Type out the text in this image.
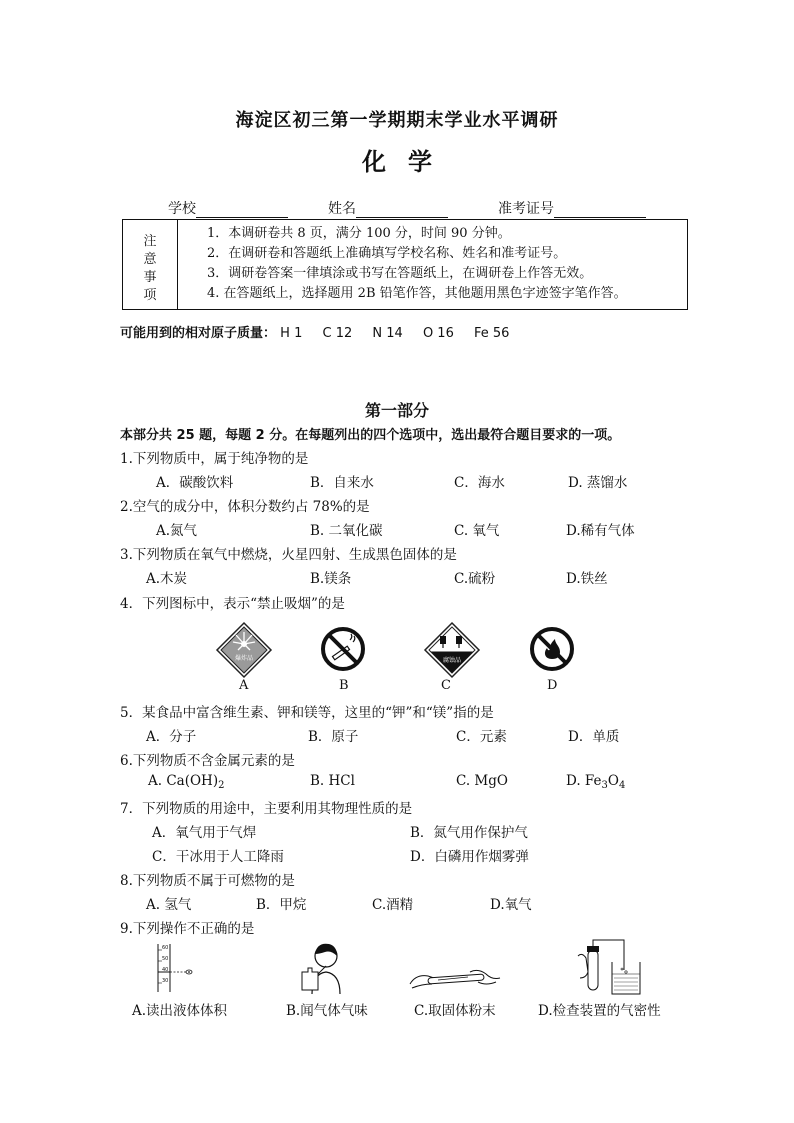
海淀区初三第一学期期末学业水平调研
化学
学校	姓名	准考证号
注
意
事
项
1．本调研卷共 8 页，满分 100 分，时间 90 分钟。
2．在调研卷和答题纸上准确填写学校名称、姓名和准考证号。
3．调研卷答案一律填涂或书写在答题纸上，在调研卷上作答无效。
4. 在答题纸上，选择题用 2B 铅笔作答，其他题用黑色字迹签字笔作答。
可能用到的相对原子质量： H 1 C 12 N 14 O 16 Fe 56
第一部分
本部分共 25 题，每题 2 分。在每题列出的四个选项中，选出最符合题目要求的一项。
1.下列物质中，属于纯净物的是
A．碳酸饮料	B．自来水	C．海水	D. 蒸馏水
2.空气的成分中，体积分数约占 78%的是
A.氮气	B. 二氧化碳	C. 氧气	D.稀有气体
3.下列物质在氧气中燃烧，火星四射、生成黑色固体的是
A.木炭	B.镁条	C.硫粉	D.铁丝
4．下列图标中，表示“禁止吸烟”的是
爆炸品	腐蚀品
A	B	C	D
5．某食品中富含维生素、钾和镁等，这里的“钾”和“镁”指的是
A．分子	B．原子	C．元素	D．单质
6.下列物质不含金属元素的是
A. $Ca(OH)_2$	B. HCl	C. MgO	D. $Fe_3O_4$
7．下列物质的用途中，主要利用其物理性质的是
A．氧气用于气焊	B．氮气用作保护气
C．干冰用于人工降雨	D．白磷用作烟雾弹
8.下列物质不属于可燃物的是
A. 氢气	B．甲烷	C.酒精	D.氧气
9.下列操作不正确的是
60
50
40
30
A.读出液体体积	B.闻气体气味	C.取固体粉末	D.检查装置的气密性
